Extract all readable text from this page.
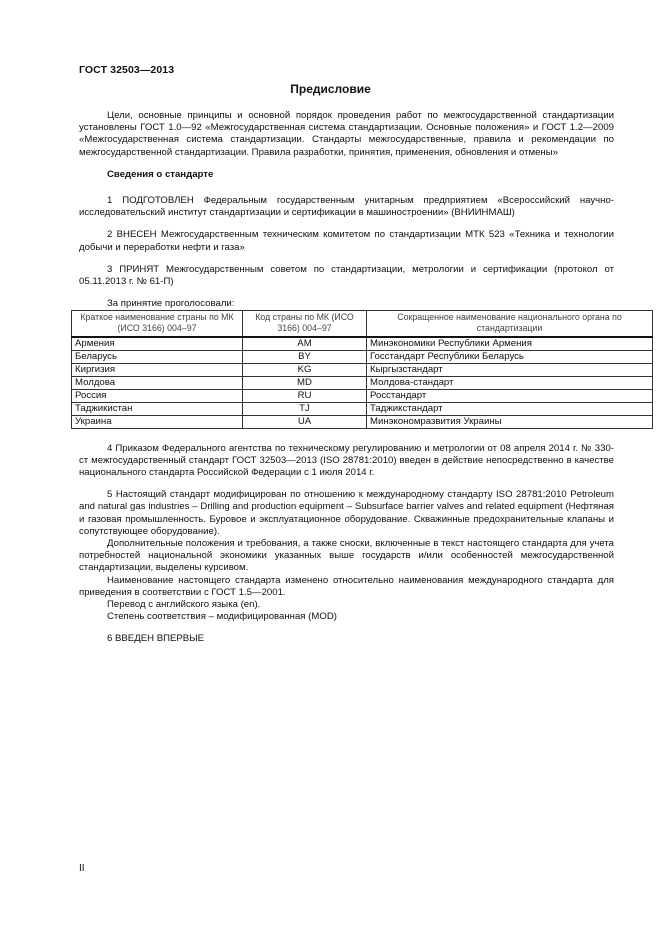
ГОСТ 32503—2013
Предисловие

Цели, основные принципы и основной порядок проведения работ по межгосударственной стандартизации установлены ГОСТ 1.0—92 «Межгосударственная система стандартизации. Основные положения» и ГОСТ 1.2—2009 «Межгосударственная система стандартизации. Стандарты межгосударственные, правила и рекомендации по межгосударственной стандартизации. Правила разработки, принятия, применения, обновления и отмены»

Сведения о стандарте

1 ПОДГОТОВЛЕН Федеральным государственным унитарным предприятием «Всероссийский научно-исследовательский институт стандартизации и сертификации в машиностроении» (ВНИИНМАШ)

2 ВНЕСЕН Межгосударственным техническим комитетом по стандартизации МТК 523 «Техника и технологии добычи и переработки нефти и газа»

3 ПРИНЯТ Межгосударственным советом по стандартизации, метрологии и сертификации (протокол от 05.11.2013 г. № 61-П)

За принятие проголосовали:

Краткое наименование страны по МК (ИСО 3166) 004–97	Код страны по МК (ИСО 3166) 004–97	Сокращенное наименование национального органа по стандартизации
Армения	AM	Минэкономики Республики Армения
Беларусь	BY	Госстандарт Республики Беларусь
Киргизия	KG	Кыргызстандарт
Молдова	MD	Молдова-стандарт
Россия	RU	Росстандарт
Таджикистан	TJ	Таджикстандарт
Украина	UA	Минэкономразвития Украины

4 Приказом Федерального агентства по техническому регулированию и метрологии от 08 апреля 2014 г. № 330-ст межгосударственный стандарт ГОСТ 32503—2013 (ISO 28781:2010) введен в действие непосредственно в качестве национального стандарта Российской Федерации с 1 июля 2014 г.

5 Настоящий стандарт модифицирован по отношению к международному стандарту ISO 28781:2010 Petroleum and natural gas industries – Drilling and production equipment – Subsurface barrier valves and related equipment (Нефтяная и газовая промышленность. Буровое и эксплуатационное оборудование. Скважинные предохранительные клапаны и сопутствующее оборудование).

Дополнительные положения и требования, а также сноски, включенные в текст настоящего стандарта для учета потребностей национальной экономики указанных выше государств и/или особенностей межгосударственной стандартизации, выделены курсивом.

Наименование настоящего стандарта изменено относительно наименования международного стандарта для приведения в соответствии с ГОСТ 1.5—2001.

Перевод с английского языка (en).

Степень соответствия – модифицированная (MOD)

6 ВВЕДЕН ВПЕРВЫЕ

II
